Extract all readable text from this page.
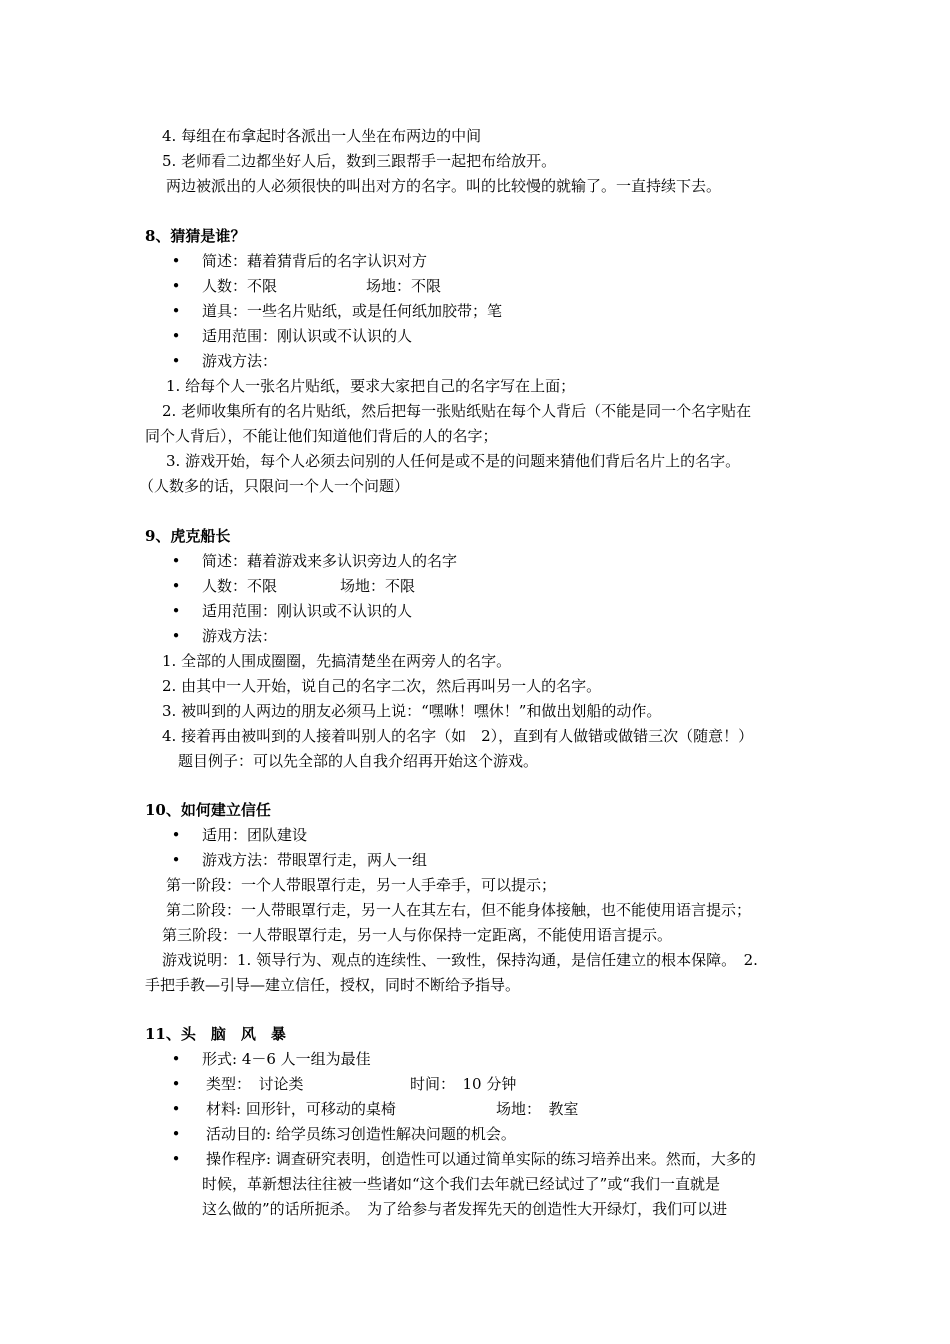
4. 每组在布拿起时各派出一人坐在布两边的中间
5. 老师看二边都坐好人后，数到三跟帮手一起把布给放开。
两边被派出的人必须很快的叫出对方的名字。叫的比较慢的就输了。一直持续下去。
8、猜猜是谁？
• 简述：藉着猜背后的名字认识对方
• 人数：不限	场地：不限
• 道具：一些名片贴纸，或是任何纸加胶带；笔
• 适用范围：刚认识或不认识的人
• 游戏方法：
1. 给每个人一张名片贴纸，要求大家把自己的名字写在上面；
2. 老师收集所有的名片贴纸，然后把每一张贴纸贴在每个人背后（不能是同一个名字贴在
同个人背后），不能让他们知道他们背后的人的名字；
3. 游戏开始，每个人必须去问别的人任何是或不是的问题来猜他们背后名片上的名字。
（人数多的话，只限问一个人一个问题）
9、虎克船长
• 简述：藉着游戏来多认识旁边人的名字
• 人数：不限	场地：不限
• 适用范围：刚认识或不认识的人
• 游戏方法：
1. 全部的人围成圈圈，先搞清楚坐在两旁人的名字。
2. 由其中一人开始，说自己的名字二次，然后再叫另一人的名字。
3. 被叫到的人两边的朋友必须马上说：“嘿咻！嘿休！”和做出划船的动作。
4. 接着再由被叫到的人接着叫别人的名字（如　2），直到有人做错或做错三次（随意！）
题目例子：可以先全部的人自我介绍再开始这个游戏。
10、如何建立信任
• 适用：团队建设
• 游戏方法：带眼罩行走，两人一组
第一阶段：一个人带眼罩行走，另一人手牵手，可以提示；
第二阶段：一人带眼罩行走，另一人在其左右，但不能身体接触，也不能使用语言提示；
第三阶段：一人带眼罩行走，另一人与你保持一定距离，不能使用语言提示。
游戏说明：1. 领导行为、观点的连续性、一致性，保持沟通，是信任建立的根本保障。　2.
手把手教—引导—建立信任，授权，同时不断给予指导。
11、头　脑　风　暴
• 形式: 4－6 人一组为最佳
• 类型：　讨论类	时间：　10 分钟
• 材料: 回形针，可移动的桌椅	场地：　教室
• 活动目的: 给学员练习创造性解决问题的机会。
• 操作程序: 调查研究表明，创造性可以通过简单实际的练习培养出来。然而，大多的
时候，革新想法往往被一些诸如“这个我们去年就已经试过了”或“我们一直就是
这么做的”的话所扼杀。　为了给参与者发挥先天的创造性大开绿灯，我们可以进
